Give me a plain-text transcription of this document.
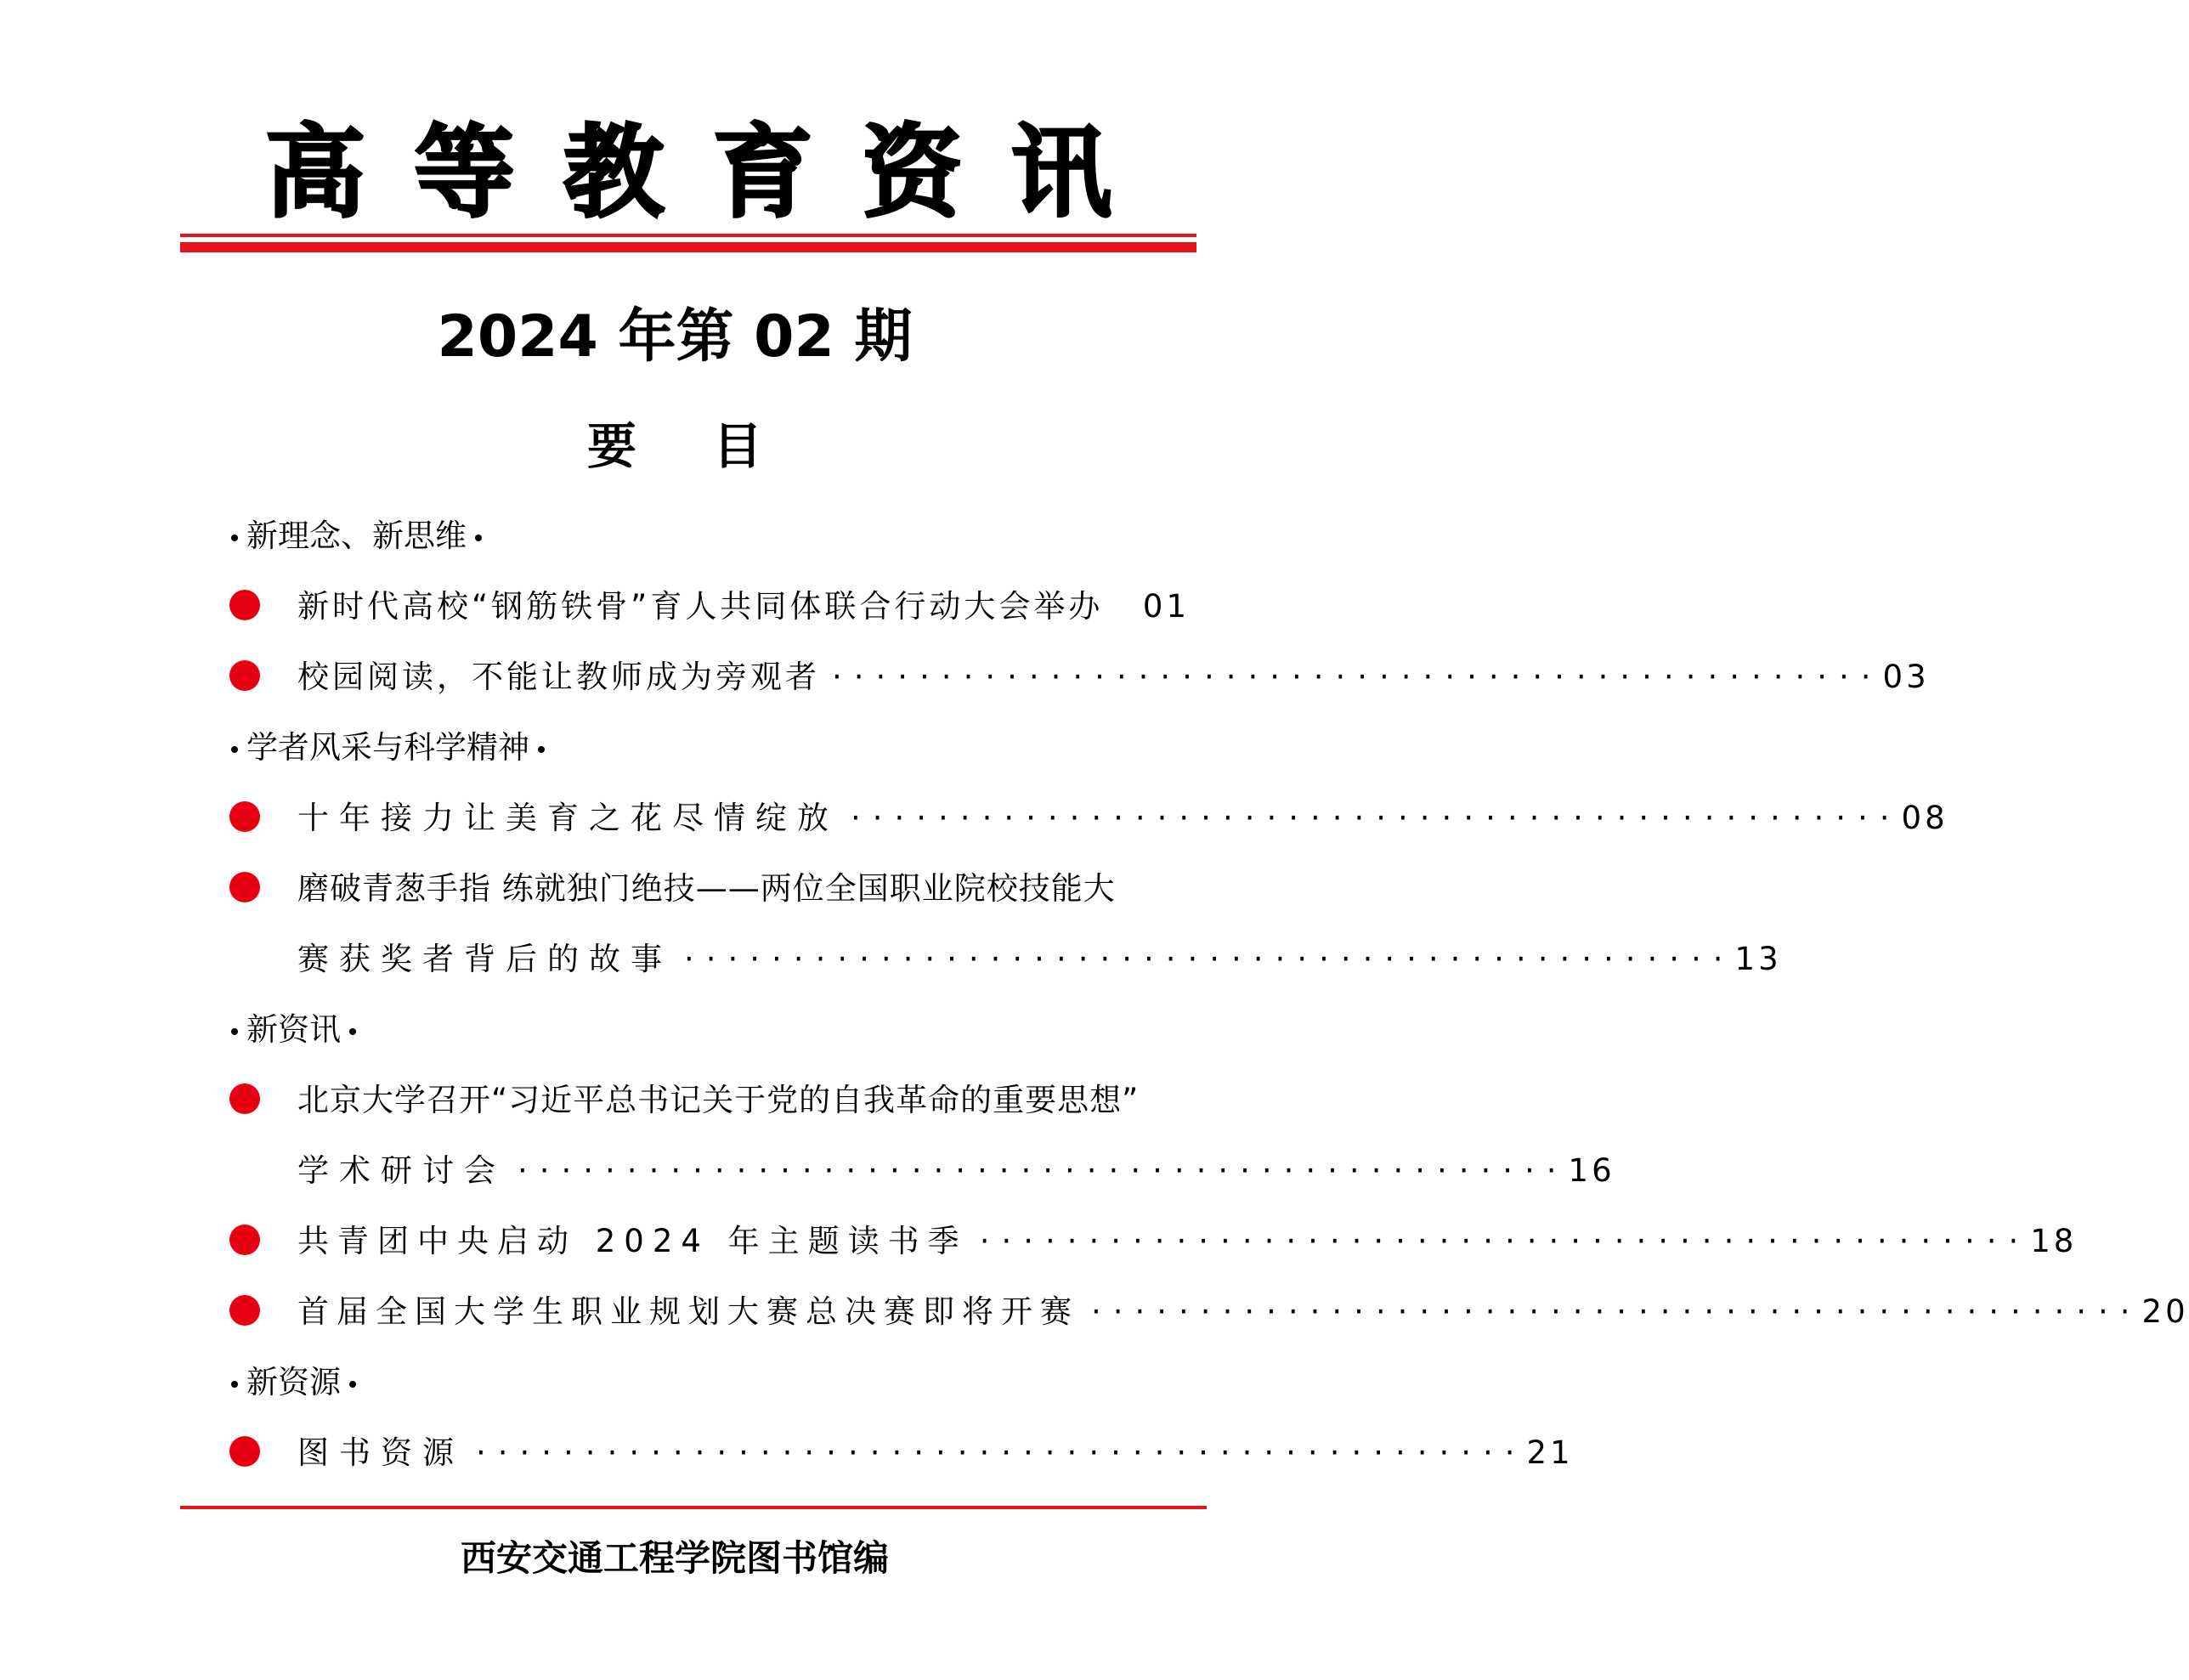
高 等 教 育 资 讯
2024 年第 02 期
要目
新理念、新思维
新时代高校“钢筋铁骨”育人共同体联合行动大会举办 01
校园阅读，不能让教师成为旁观者 ················································ 03
学者风采与科学精神
十年接力让美育之花尽情绽放 ················································ 08
磨破青葱手指 练就独门绝技——两位全国职业院校技能大
赛获奖者背后的故事 ················································ 13
新资讯
北京大学召开“习近平总书记关于党的自我革命的重要思想”
学术研讨会 ················································ 16
共青团中央启动 2024 年主题读书季 ················································ 18
首届全国大学生职业规划大赛总决赛即将开赛 ················································ 20
新资源
图书资源 ················································ 21
西安交通工程学院图书馆编
